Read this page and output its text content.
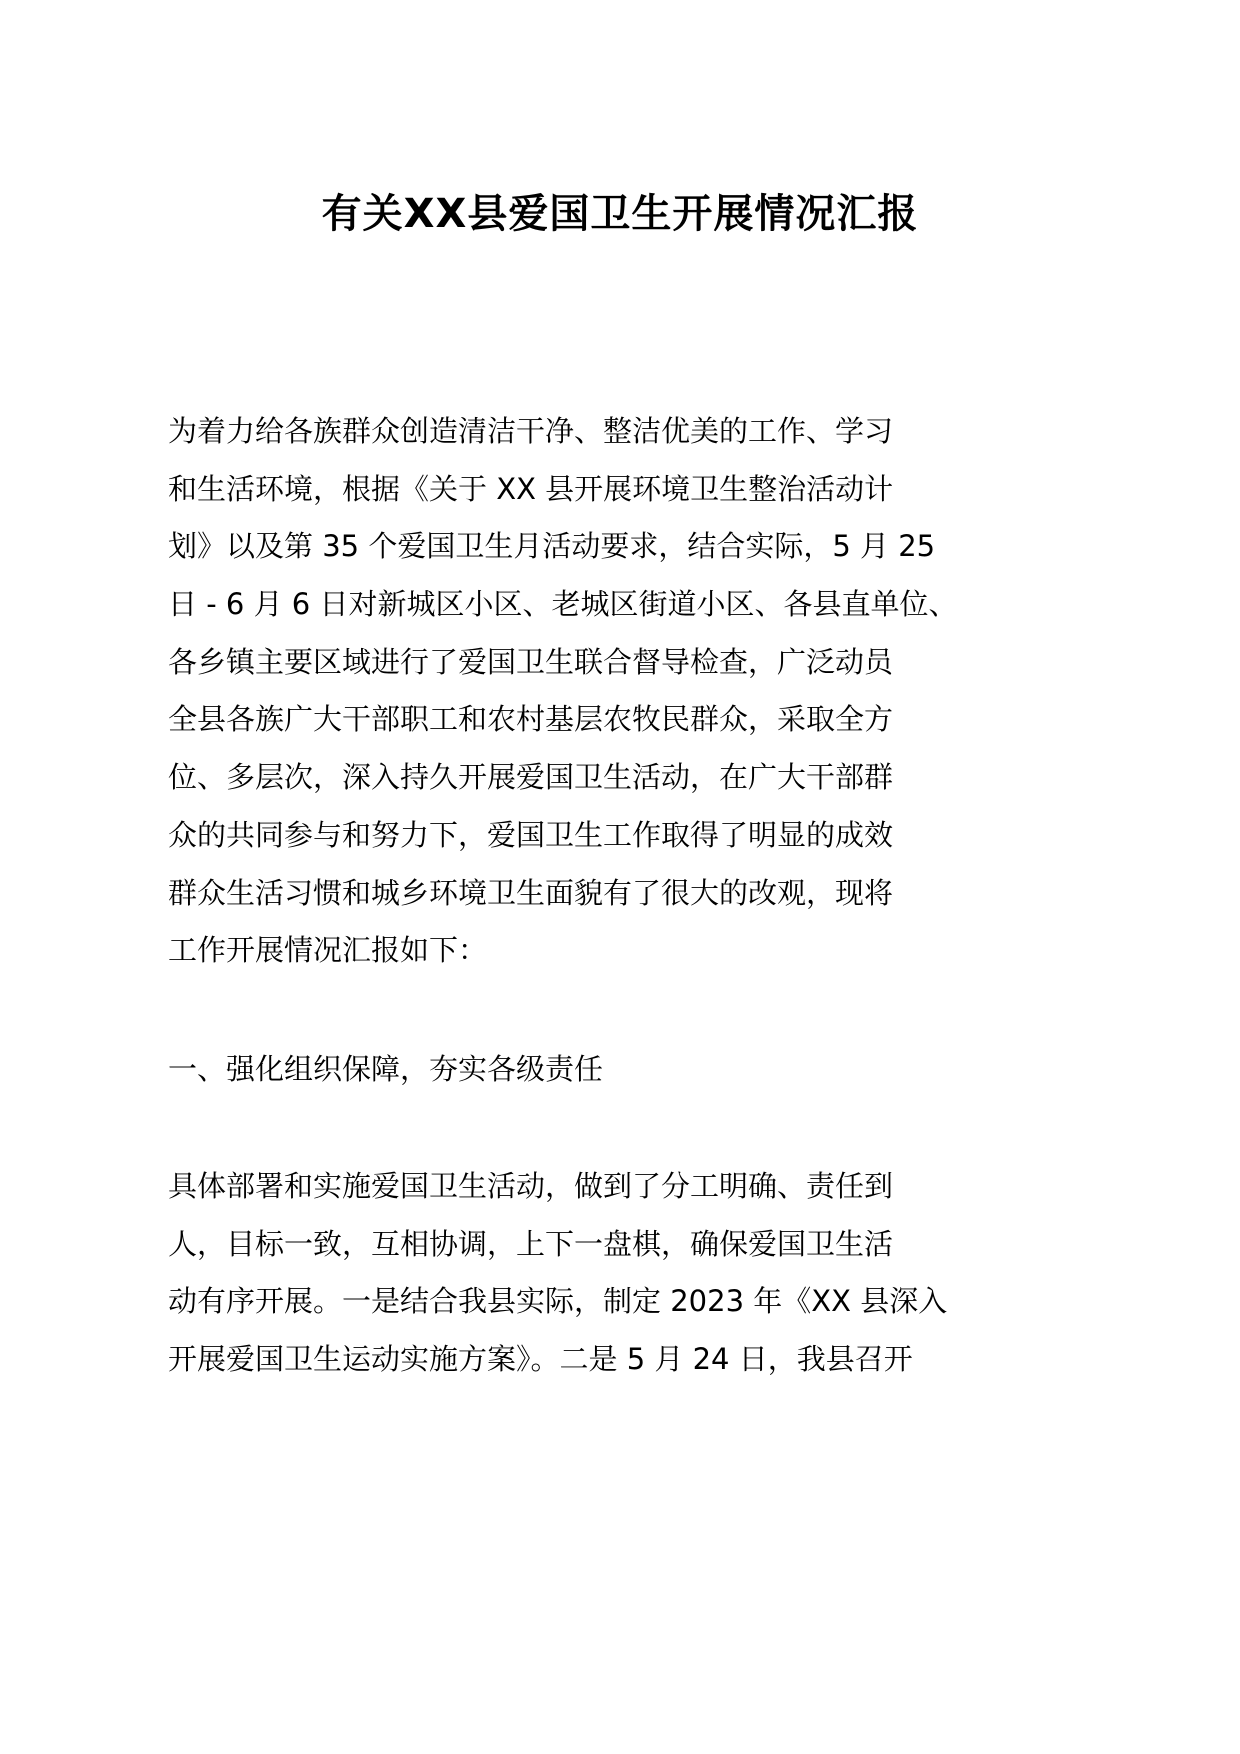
有关XX县爱国卫生开展情况汇报

为着力给各族群众创造清洁干净、整洁优美的工作、学习

和生活环境，根据《关于 XX 县开展环境卫生整治活动计

划》以及第 35 个爱国卫生月活动要求，结合实际，5 月 25

日 - 6 月 6 日对新城区小区、老城区街道小区、各县直单位、

各乡镇主要区域进行了爱国卫生联合督导检查，广泛动员

全县各族广大干部职工和农村基层农牧民群众，采取全方

位、多层次，深入持久开展爱国卫生活动，在广大干部群

众的共同参与和努力下，爱国卫生工作取得了明显的成效

群众生活习惯和城乡环境卫生面貌有了很大的改观，现将

工作开展情况汇报如下：

一、强化组织保障，夯实各级责任

具体部署和实施爱国卫生活动，做到了分工明确、责任到

人，目标一致，互相协调，上下一盘棋，确保爱国卫生活

动有序开展。一是结合我县实际，制定 2023 年《XX 县深入

开展爱国卫生运动实施方案》。二是 5 月 24 日，我县召开
